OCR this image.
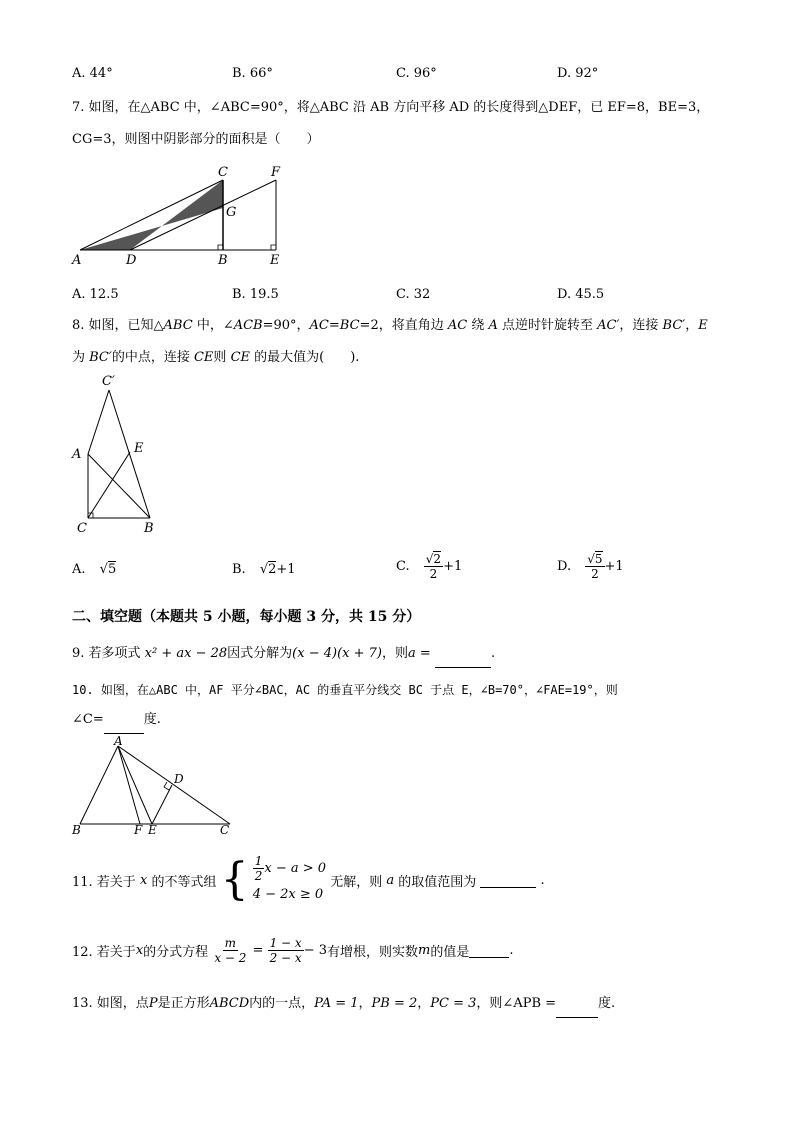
A. 44°	B. 66°	C. 96°	D. 92°
7. 如图，在△ABC 中，∠ABC=90°，将△ABC 沿 AB 方向平移 AD 的长度得到△DEF，已 EF=8，BE=3，
CG=3，则图中阴影部分的面积是（　　）
A	D	B	E
C	F
G
A. 12.5	B. 19.5	C. 32	D. 45.5
8. 如图，已知△ABC 中，∠ACB=90°，AC=BC=2，将直角边 AC 绕 A 点逆时针旋转至 AC′，连接 BC′，E
为 BC′的中点，连接 CE则 CE 的最大值为(　　).
C′
A	E
C	B
A. √5	B. √2+1	C. $\frac{√2}{2} +1$	D. $\frac{√5}{2} +1$
二、填空题（本题共 5 小题，每小题 3 分，共 15 分）
9. 若多项式 x² + ax − 28因式分解为(x − 4)(x + 7)，则a =	.
10. 如图，在△ABC 中，AF 平分∠BAC，AC 的垂直平分线交 BC 于点 E，∠B=70°，∠FAE=19°，则
∠C=	度.
A
D
B	F E	C
11. 若关于 x 的不等式组 { $\frac{1}{2}$ x − a > 0
4 − 2x ≥ 0
无解，则 a 的取值范围为	.
12. 若关于x的分式方程 $\frac{m}{x - 2} = \frac{1 - x}{2 - x} - 3$有增根，则实数m的值是	.
13. 如图，点P是正方形ABCD内的一点，PA = 1，PB = 2，PC = 3，则∠APB =	度.
